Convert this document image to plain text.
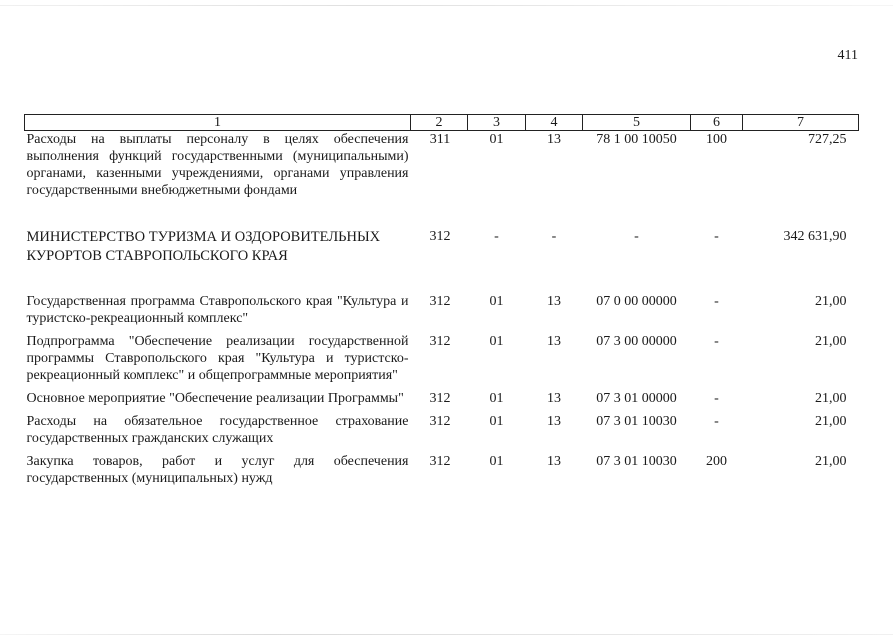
411
1	2	3	4	5	6	7
Расходы на выплаты персоналу в целях обеспечения выполнения функций государственными (муниципальными) органами, казенными учреждениями, органами управления государственными внебюджетными фондами	311	01	13	78 1 00 10050	100	727,25
МИНИСТЕРСТВО ТУРИЗМА И ОЗДОРОВИТЕЛЬНЫХ КУРОРТОВ СТАВРОПОЛЬСКОГО КРАЯ	312	-	-	-	-	342 631,90
Государственная программа Ставропольского края "Культура и туристско-рекреационный комплекс"	312	01	13	07 0 00 00000	-	21,00
Подпрограмма "Обеспечение реализации государственной программы Ставропольского края "Культура и туристско-рекреационный комплекс" и общепрограммные мероприятия"	312	01	13	07 3 00 00000	-	21,00
Основное мероприятие "Обеспечение реализации Программы"	312	01	13	07 3 01 00000	-	21,00
Расходы на обязательное государственное страхование государственных гражданских служащих	312	01	13	07 3 01 10030	-	21,00
Закупка товаров, работ и услуг для обеспечения государственных (муниципальных) нужд	312	01	13	07 3 01 10030	200	21,00
